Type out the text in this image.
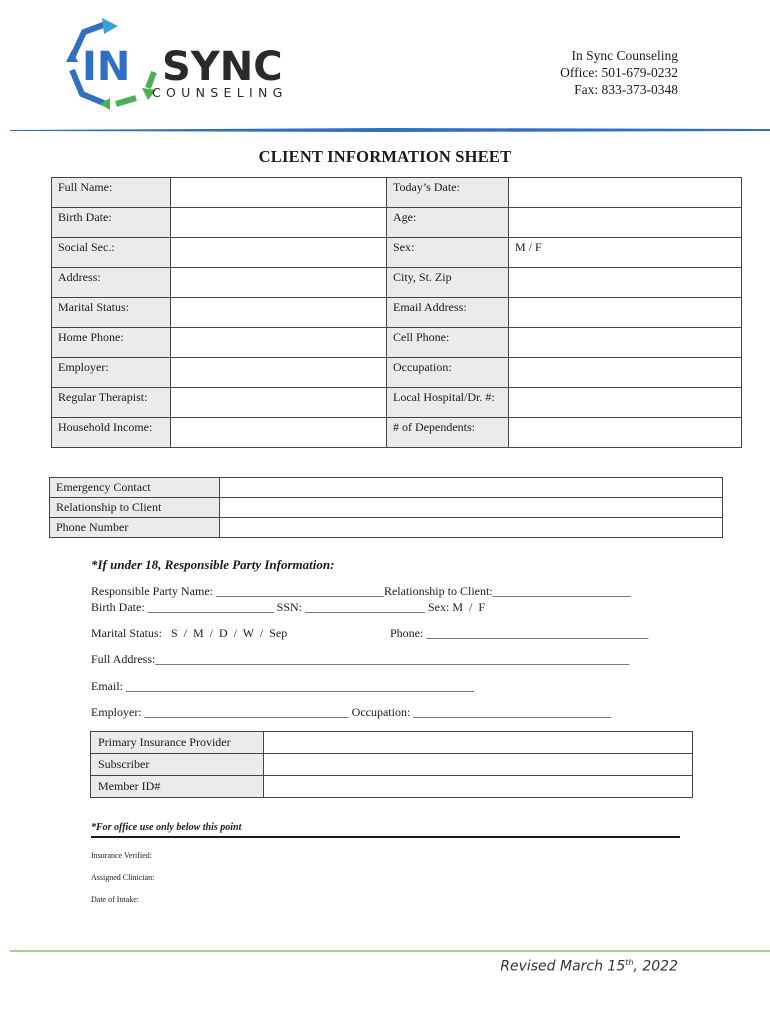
IN SYNC
COUNSELING
In Sync Counseling
Office: 501-679-0232
Fax: 833-373-0348
CLIENT INFORMATION SHEET
Full Name:		Today’s Date:	
Birth Date:		Age:	
Social Sec.:		Sex:	M / F
Address:		City, St. Zip	
Marital Status:		Email Address:	
Home Phone:		Cell Phone:	
Employer:		Occupation:	
Regular Therapist:		Local Hospital/Dr. #:	
Household Income:		# of Dependents:	
Emergency Contact	
Relationship to Client	
Phone Number	
*If under 18, Responsible Party Information:
Responsible Party Name: ____________________________Relationship to Client:_______________________
Birth Date: _____________________ SSN: ____________________ Sex: M  /  F
Marital Status:   S  /  M  /  D  /  W  /  Sep	Phone: _____________________________________
Full Address:_______________________________________________________________________________
Email: __________________________________________________________
Employer: __________________________________ Occupation: _________________________________
Primary Insurance Provider	
Subscriber	
Member ID#	
*For office use only below this point
Insurance Verified:
Assigned Clinician:
Date of Intake:
Revised March 15th, 2022
